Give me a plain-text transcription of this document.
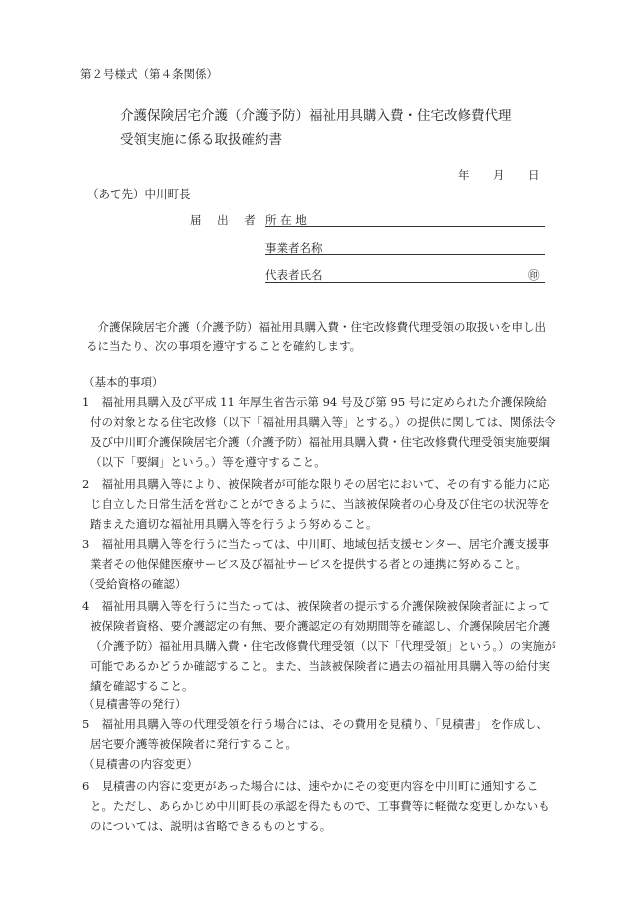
第２号様式（第４条関係）
介護保険居宅介護（介護予防）福祉用具購入費・住宅改修費代理
受領実施に係る取扱確約書
年 月 日
（あて先）中川町長
届 出 者 所 在 地
事業者名称
代表者氏名	㊞
介護保険居宅介護（介護予防）福祉用具購入費・住宅改修費代理受領の取扱いを申し出るに当たり、次の事項を遵守することを確約します。
（基本的事項）
1	福祉用具購入及び平成 11 年厚生省告示第 94 号及び第 95 号に定められた介護保険給付の対象となる住宅改修（以下「福祉用具購入等」とする。）の提供に関しては、関係法令及び中川町介護保険居宅介護（介護予防）福祉用具購入費・住宅改修費代理受領実施要綱（以下「要綱」という。）等を遵守すること。
2	福祉用具購入等により、被保険者が可能な限りその居宅において、その有する能力に応じ自立した日常生活を営むことができるように、当該被保険者の心身及び住宅の状況等を踏まえた適切な福祉用具購入等を行うよう努めること。
3	福祉用具購入等を行うに当たっては、中川町、地域包括支援センター、居宅介護支援事業者その他保健医療サービス及び福祉サービスを提供する者との連携に努めること。
（受給資格の確認）
4	福祉用具購入等を行うに当たっては、被保険者の提示する介護保険被保険者証によって被保険者資格、要介護認定の有無、要介護認定の有効期間等を確認し、介護保険居宅介護（介護予防）福祉用具購入費・住宅改修費代理受領（以下「代理受領」という。）の実施が可能であるかどうか確認すること。また、当該被保険者に過去の福祉用具購入等の給付実績を確認すること。
（見積書等の発行）
5	福祉用具購入等の代理受領を行う場合には、その費用を見積り、「見積書」 を作成し、居宅要介護等被保険者に発行すること。
（見積書の内容変更）
6	見積書の内容に変更があった場合には、速やかにその変更内容を中川町に通知すること。ただし、あらかじめ中川町長の承認を得たもので、工事費等に軽微な変更しかないものについては、説明は省略できるものとする。
